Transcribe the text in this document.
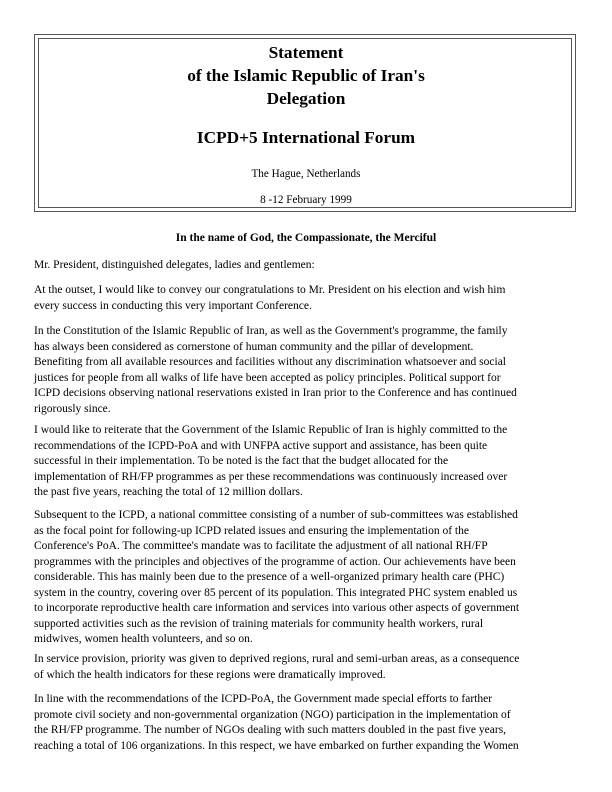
Statement
of the Islamic Republic of Iran's
Delegation
ICPD+5 International Forum
The Hague, Netherlands
8 -12 February 1999
In the name of God, the Compassionate, the Merciful

Mr. President, distinguished delegates, ladies and gentlemen:

At the outset, I would like to convey our congratulations to Mr. President on his election and wish him
every success in conducting this very important Conference.

In the Constitution of the Islamic Republic of Iran, as well as the Government's programme, the family
has always been considered as cornerstone of human community and the pillar of development.
Benefiting from all available resources and facilities without any discrimination whatsoever and social
justices for people from all walks of life have been accepted as policy principles. Political support for
ICPD decisions observing national reservations existed in Iran prior to the Conference and has continued
rigorously since.

I would like to reiterate that the Government of the Islamic Republic of Iran is highly committed to the
recommendations of the ICPD-PoA and with UNFPA active support and assistance, has been quite
successful in their implementation. To be noted is the fact that the budget allocated for the
implementation of RH/FP programmes as per these recommendations was continuously increased over
the past five years, reaching the total of 12 million dollars.

Subsequent to the ICPD, a national committee consisting of a number of sub-committees was established
as the focal point for following-up ICPD related issues and ensuring the implementation of the
Conference's PoA. The committee's mandate was to facilitate the adjustment of all national RH/FP
programmes with the principles and objectives of the programme of action. Our achievements have been
considerable. This has mainly been due to the presence of a well-organized primary health care (PHC)
system in the country, covering over 85 percent of its population. This integrated PHC system enabled us
to incorporate reproductive health care information and services into various other aspects of government
supported activities such as the revision of training materials for community health workers, rural
midwives, women health volunteers, and so on.

In service provision, priority was given to deprived regions, rural and semi-urban areas, as a consequence
of which the health indicators for these regions were dramatically improved.

In line with the recommendations of the ICPD-PoA, the Government made special efforts to farther
promote civil society and non-governmental organization (NGO) participation in the implementation of
the RH/FP programme. The number of NGOs dealing with such matters doubled in the past five years,
reaching a total of 106 organizations. In this respect, we have embarked on further expanding the Women
